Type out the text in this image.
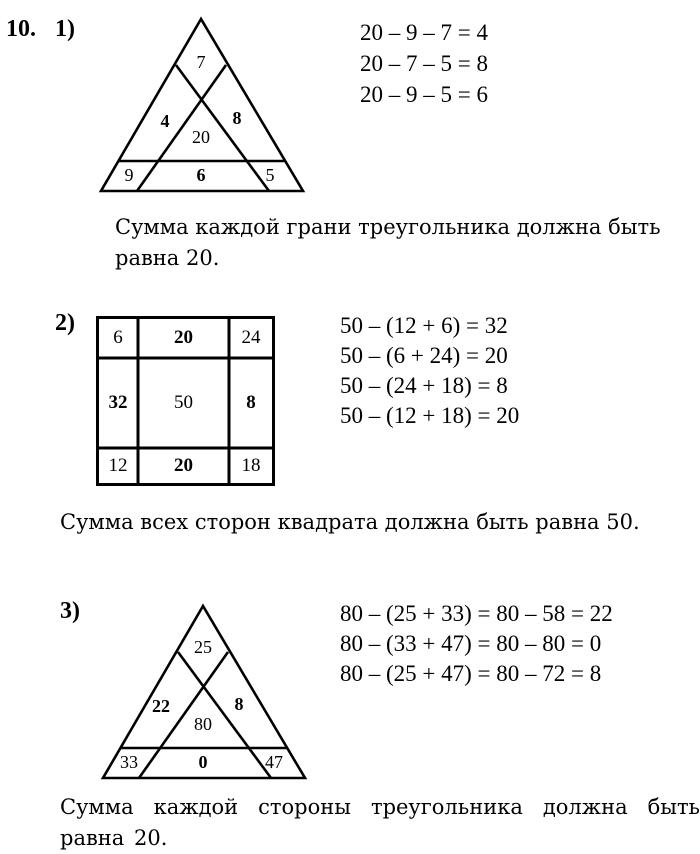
10. 1)
7
4	8
20
9	6	5
20 – 9 – 7 = 4
20 – 7 – 5 = 8
20 – 9 – 5 = 6
Сумма каждой грани треугольника должна быть равна 20.
2)
6	20	24
32	50	8
12	20	18
50 – (12 + 6) = 32
50 – (6 + 24) = 20
50 – (24 + 18) = 8
50 – (12 + 18) = 20
Сумма всех сторон квадрата должна быть равна 50.
3)
25
22	8
80
33	0	47
80 – (25 + 33) = 80 – 58 = 22
80 – (33 + 47) = 80 – 80 = 0
80 – (25 + 47) = 80 – 72 = 8
Сумма каждой стороны треугольника должна быть равна 20.
